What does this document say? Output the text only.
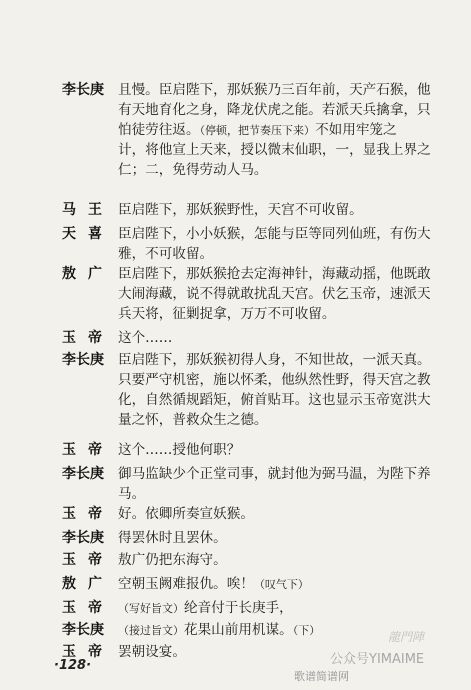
李长庚	且慢。臣启陛下，那妖猴乃三百年前，天产石猴，他
有天地育化之身，降龙伏虎之能。若派天兵擒拿，只
怕徒劳往返。（停顿，把节奏压下来）不如用牢笼之
计，将他宣上天来，授以微末仙职，一，显我上界之
仁；二，免得劳动人马。
马王 臣启陛下，那妖猴野性，天宫不可收留。
天喜 臣启陛下，小小妖猴，怎能与臣等同列仙班，有伤大
雅，不可收留。
敖广 臣启陛下，那妖猴抢去定海神针，海藏动摇，他既敢
大闹海藏，说不得就敢扰乱天宫。伏乞玉帝，速派天
兵天将，征剿捉拿，万万不可收留。
玉帝 这个……
李长庚	臣启陛下，那妖猴初得人身，不知世故，一派天真。
只要严守机密，施以怀柔，他纵然性野，得天宫之教
化，自然循规蹈矩，俯首贴耳。这也显示玉帝宽洪大
量之怀，普救众生之德。
玉帝 这个……授他何职？
李长庚	御马监缺少个正堂司事，就封他为弼马温，为陛下养
马。
玉帝 好。依卿所奏宣妖猴。
李长庚	得罢休时且罢休。
玉帝 敖广仍把东海守。
敖广 空朝玉阙难报仇。唉！（叹气下）
玉帝 （写好旨文）纶音付于长庚手，
李长庚	（接过旨文）花果山前用机谋。（下）
玉帝 罢朝设宴。
·128·
龍門陣
公众号YIMAIME
歌谱简谱网
